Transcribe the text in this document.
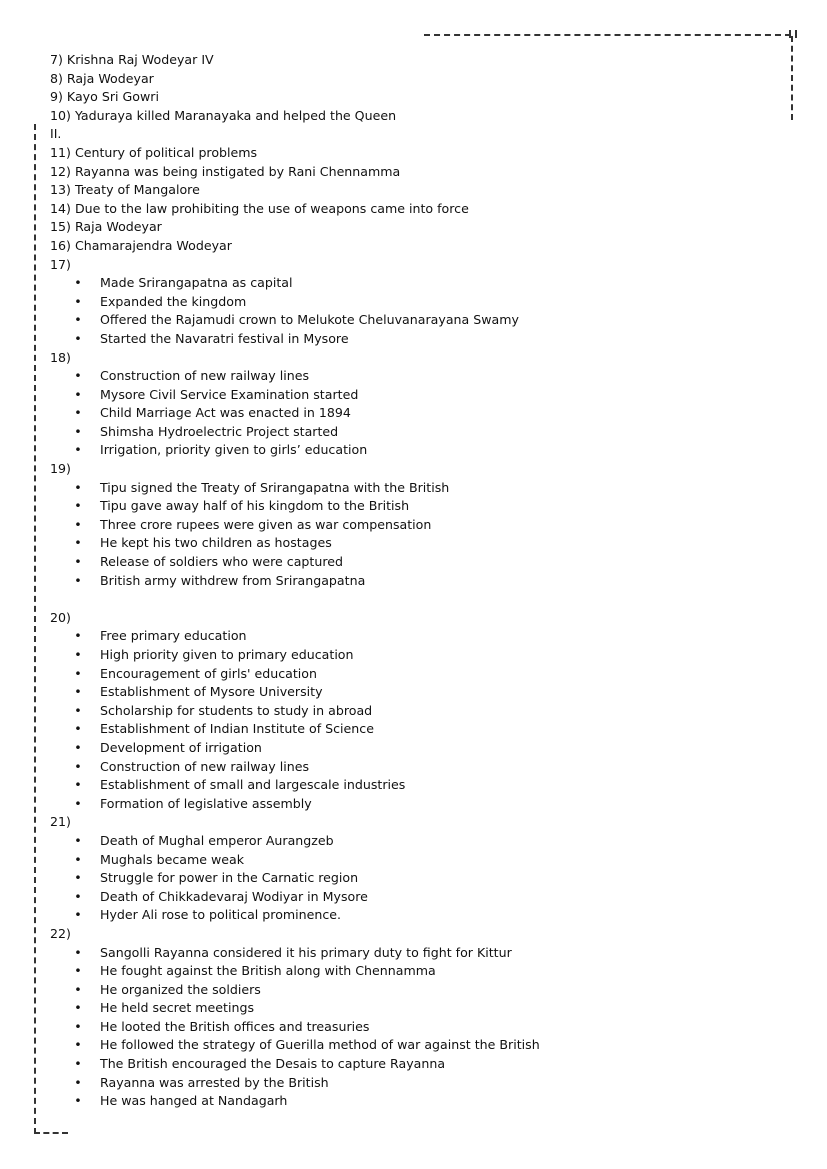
7) Krishna Raj Wodeyar IV
8) Raja Wodeyar
9) Kayo Sri Gowri
10) Yaduraya killed Maranayaka and helped the Queen
II.
11) Century of political problems
12) Rayanna was being instigated by Rani Chennamma
13) Treaty of Mangalore
14) Due to the law prohibiting the use of weapons came into force
15) Raja Wodeyar
16) Chamarajendra Wodeyar
17)
• Made Srirangapatna as capital
• Expanded the kingdom
• Offered the Rajamudi crown to Melukote Cheluvanarayana Swamy
• Started the Navaratri festival in Mysore
18)
• Construction of new railway lines
• Mysore Civil Service Examination started
• Child Marriage Act was enacted in 1894
• Shimsha Hydroelectric Project started
• Irrigation, priority given to girls’ education
19)
• Tipu signed the Treaty of Srirangapatna with the British
• Tipu gave away half of his kingdom to the British
• Three crore rupees were given as war compensation
• He kept his two children as hostages
• Release of soldiers who were captured
• British army withdrew from Srirangapatna
20)
• Free primary education
• High priority given to primary education
• Encouragement of girls' education
• Establishment of Mysore University
• Scholarship for students to study in abroad
• Establishment of Indian Institute of Science
• Development of irrigation
• Construction of new railway lines
• Establishment of small and largescale industries
• Formation of legislative assembly
21)
• Death of Mughal emperor Aurangzeb
• Mughals became weak
• Struggle for power in the Carnatic region
• Death of Chikkadevaraj Wodiyar in Mysore
• Hyder Ali rose to political prominence.
22)
• Sangolli Rayanna considered it his primary duty to fight for Kittur
• He fought against the British along with Chennamma
• He organized the soldiers
• He held secret meetings
• He looted the British offices and treasuries
• He followed the strategy of Guerilla method of war against the British
• The British encouraged the Desais to capture Rayanna
• Rayanna was arrested by the British
• He was hanged at Nandagarh
